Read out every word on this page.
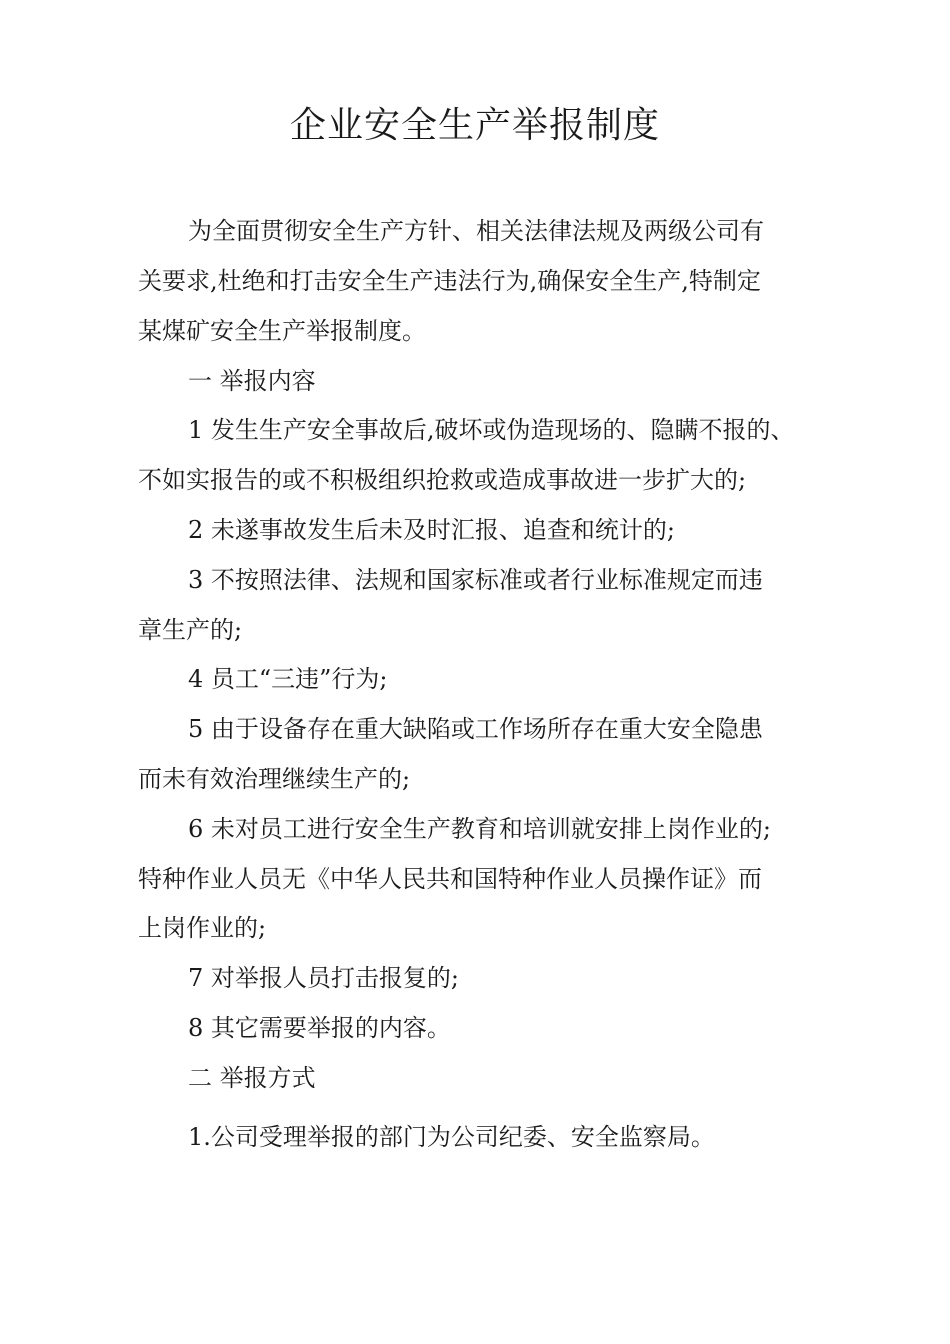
企业安全生产举报制度

为全面贯彻安全生产方针、相关法律法规及两级公司有

关要求,杜绝和打击安全生产违法行为,确保安全生产,特制定

某煤矿安全生产举报制度。

一 举报内容

1 发生生产安全事故后,破坏或伪造现场的、隐瞒不报的、

不如实报告的或不积极组织抢救或造成事故进一步扩大的;

2 未遂事故发生后未及时汇报、追查和统计的;

3 不按照法律、法规和国家标准或者行业标准规定而违

章生产的;

4 员工“三违”行为;

5 由于设备存在重大缺陷或工作场所存在重大安全隐患

而未有效治理继续生产的;

6 未对员工进行安全生产教育和培训就安排上岗作业的;

特种作业人员无《中华人民共和国特种作业人员操作证》而

上岗作业的;

7 对举报人员打击报复的;

8 其它需要举报的内容。

二 举报方式

1.公司受理举报的部门为公司纪委、安全监察局。
